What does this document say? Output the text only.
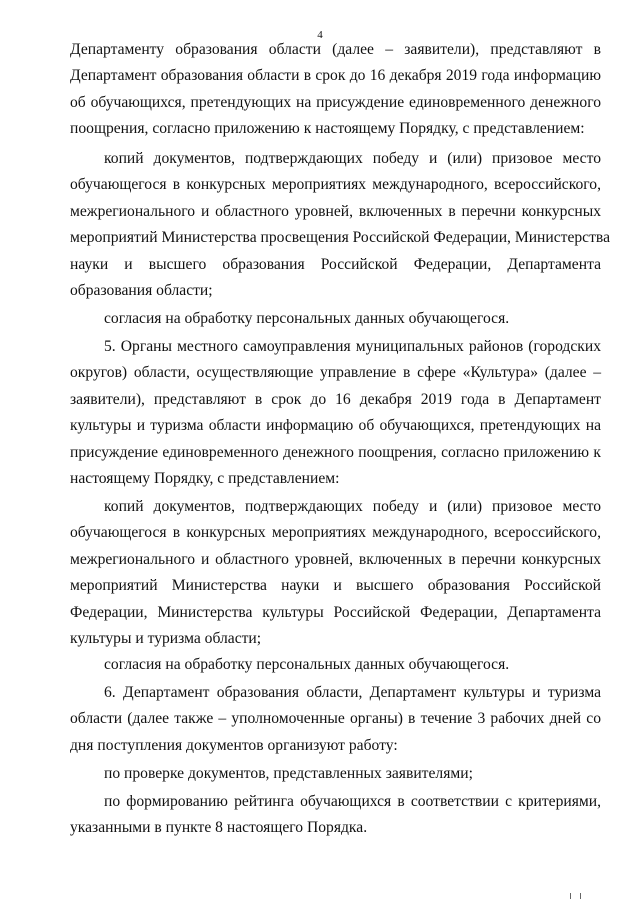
4
Департаменту образования области (далее – заявители), представляют в
Департамент образования области в срок до 16 декабря 2019 года информацию
об обучающихся, претендующих на присуждение единовременного денежного
поощрения, согласно приложению к настоящему Порядку, с представлением:
копий документов, подтверждающих победу и (или) призовое место
обучающегося в конкурсных мероприятиях международного, всероссийского,
межрегионального и областного уровней, включенных в перечни конкурсных
мероприятий Министерства просвещения Российской Федерации, Министерства
науки и высшего образования Российской Федерации, Департамента
образования области;
согласия на обработку персональных данных обучающегося.
5. Органы местного самоуправления муниципальных районов (городских
округов) области, осуществляющие управление в сфере «Культура» (далее –
заявители), представляют в срок до 16 декабря 2019 года в Департамент
культуры и туризма области информацию об обучающихся, претендующих на
присуждение единовременного денежного поощрения, согласно приложению к
настоящему Порядку, с представлением:
копий документов, подтверждающих победу и (или) призовое место
обучающегося в конкурсных мероприятиях международного, всероссийского,
межрегионального и областного уровней, включенных в перечни конкурсных
мероприятий Министерства науки и высшего образования Российской
Федерации, Министерства культуры Российской Федерации, Департамента
культуры и туризма области;
согласия на обработку персональных данных обучающегося.
6. Департамент образования области, Департамент культуры и туризма
области (далее также – уполномоченные органы) в течение 3 рабочих дней со
дня поступления документов организуют работу:
по проверке документов, представленных заявителями;
по формированию рейтинга обучающихся в соответствии с критериями,
указанными в пункте 8 настоящего Порядка.
